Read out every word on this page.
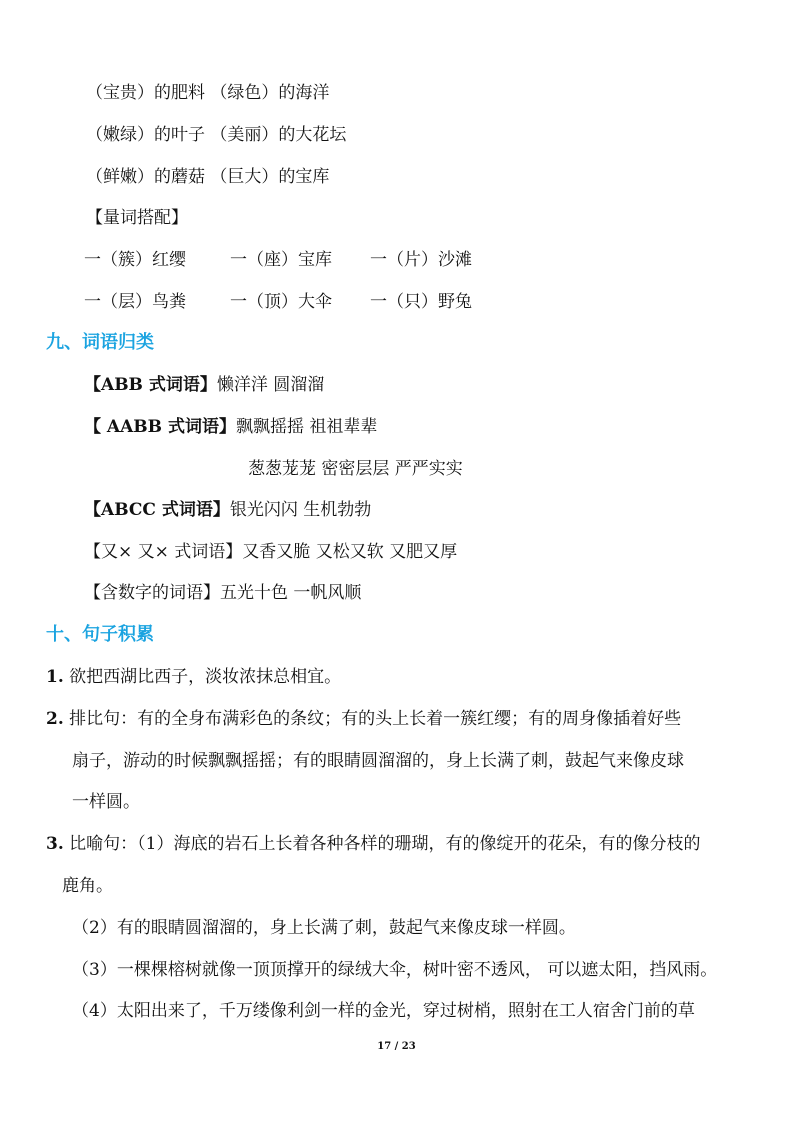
（宝贵）的肥料 （绿色）的海洋
（嫩绿）的叶子 （美丽）的大花坛
（鲜嫩）的蘑菇 （巨大）的宝库
【量词搭配】
一（簇）红缨	一（座）宝库 一（片）沙滩
一（层）鸟粪	一（顶）大伞 一（只）野兔
九、词语归类
【ABB 式词语】懒洋洋 圆溜溜
【 AABB 式词语】飘飘摇摇 祖祖辈辈
葱葱茏茏 密密层层 严严实实
【ABCC 式词语】银光闪闪 生机勃勃
【又× 又× 式词语】又香又脆 又松又软 又肥又厚
【含数字的词语】五光十色 一帆风顺
十、句子积累
1. 欲把西湖比西子，淡妆浓抹总相宜。
2. 排比句：有的全身布满彩色的条纹；有的头上长着一簇红缨；有的周身像插着好些
扇子，游动的时候飘飘摇摇；有的眼睛圆溜溜的，身上长满了刺，鼓起气来像皮球
一样圆。
3. 比喻句：（1）海底的岩石上长着各种各样的珊瑚，有的像绽开的花朵，有的像分枝的
鹿角。
（2）有的眼睛圆溜溜的，身上长满了刺，鼓起气来像皮球一样圆。
（3）一棵棵榕树就像一顶顶撑开的绿绒大伞，树叶密不透风， 可以遮太阳，挡风雨。
（4）太阳出来了，千万缕像利剑一样的金光，穿过树梢，照射在工人宿舍门前的草
17 / 23
